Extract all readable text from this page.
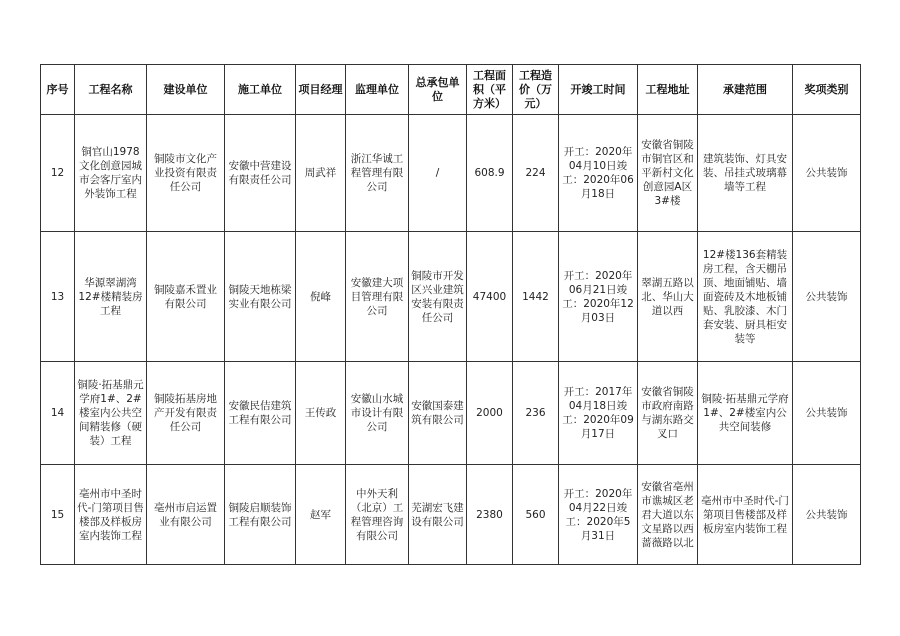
序号	工程名称	建设单位	施工单位	项目经理	监理单位	总承包单位	工程面积（平方米）	工程造价（万元）	开竣工时间	工程地址	承建范围	奖项类别
12	铜官山1978文化创意园城市会客厅室内外装饰工程	铜陵市文化产业投资有限责任公司	安徽中营建设有限责任公司	周武祥	浙江华诚工程管理有限公司	/	608.9	224	开工：2020年04月10日竣工：2020年06月18日	安徽省铜陵市铜官区和平新村文化创意园A区3#楼	建筑装饰、灯具安装、吊挂式玻璃幕墙等工程	公共装饰
13	华源翠湖湾12#楼精装房工程	铜陵嘉禾置业有限公司	铜陵天地栋梁实业有限公司	倪峰	安徽建大项目管理有限公司	铜陵市开发区兴业建筑安装有限责任公司	47400	1442	开工：2020年06月21日竣工：2020年12月03日	翠湖五路以北、华山大道以西	12#楼136套精装房工程，含天棚吊顶、地面铺贴、墙面瓷砖及木地板铺贴、乳胶漆、木门套安装、厨具柜安装等	公共装饰
14	铜陵·拓基鼎元学府1#、2#楼室内公共空间精装修（硬装）工程	铜陵拓基房地产开发有限责任公司	安徽民佶建筑工程有限公司	王传政	安徽山水城市设计有限公司	安徽国泰建筑有限公司	2000	236	开工：2017年04月18日竣工：2020年09月17日	安徽省铜陵市政府南路与湖东路交叉口	铜陵·拓基鼎元学府1#、2#楼室内公共空间装修	公共装饰
15	亳州市中圣时代-门第项目售楼部及样板房室内装饰工程	亳州市启运置业有限公司	铜陵启顺装饰工程有限公司	赵军	中外天利（北京）工程管理咨询有限公司	芜湖宏飞建设有限公司	2380	560	开工：2020年04月22日竣工：2020年5月31日	安徽省亳州市谯城区老君大道以东文星路以西蔷薇路以北	亳州市中圣时代-门第项目售楼部及样板房室内装饰工程	公共装饰
